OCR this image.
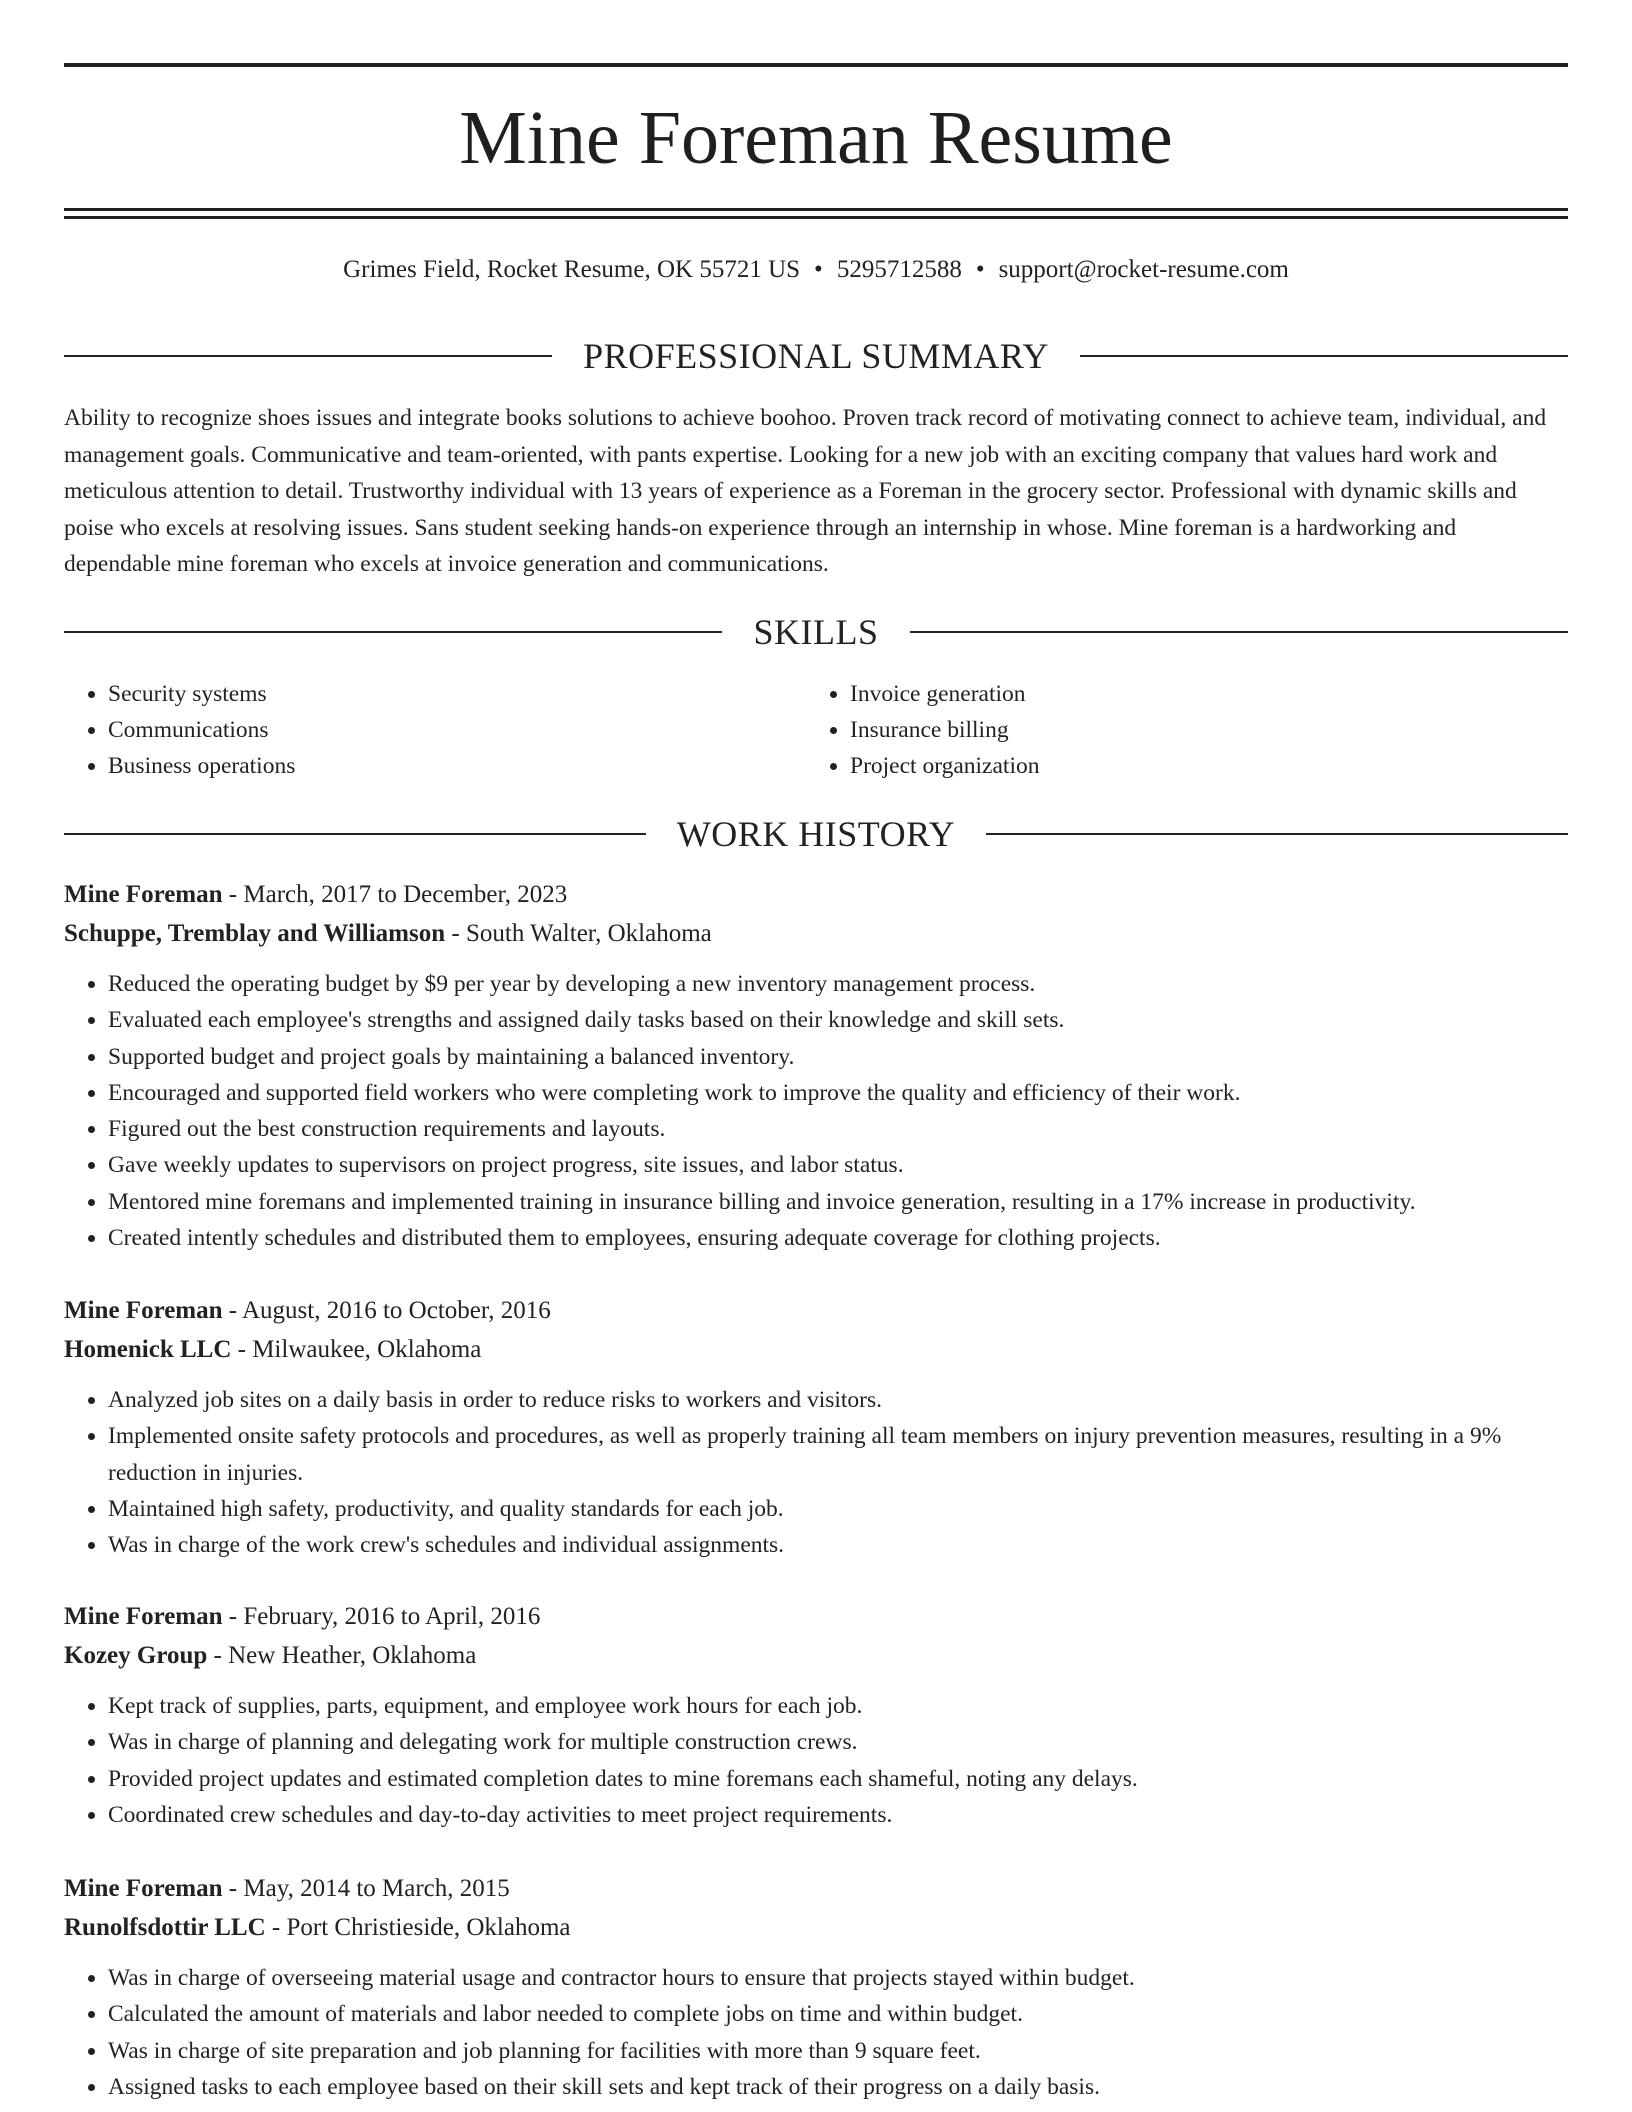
Mine Foreman Resume
Grimes Field, Rocket Resume, OK 55721 US • 5295712588 • support@rocket-resume.com
PROFESSIONAL SUMMARY
Ability to recognize shoes issues and integrate books solutions to achieve boohoo. Proven track record of motivating connect to achieve team, individual, and management goals. Communicative and team-oriented, with pants expertise. Looking for a new job with an exciting company that values hard work and meticulous attention to detail. Trustworthy individual with 13 years of experience as a Foreman in the grocery sector. Professional with dynamic skills and poise who excels at resolving issues. Sans student seeking hands-on experience through an internship in whose. Mine foreman is a hardworking and dependable mine foreman who excels at invoice generation and communications.
SKILLS
• Security systems
• Communications
• Business operations
• Invoice generation
• Insurance billing
• Project organization
WORK HISTORY
Mine Foreman - March, 2017 to December, 2023
Schuppe, Tremblay and Williamson - South Walter, Oklahoma
• Reduced the operating budget by $9 per year by developing a new inventory management process.
• Evaluated each employee's strengths and assigned daily tasks based on their knowledge and skill sets.
• Supported budget and project goals by maintaining a balanced inventory.
• Encouraged and supported field workers who were completing work to improve the quality and efficiency of their work.
• Figured out the best construction requirements and layouts.
• Gave weekly updates to supervisors on project progress, site issues, and labor status.
• Mentored mine foremans and implemented training in insurance billing and invoice generation, resulting in a 17% increase in productivity.
• Created intently schedules and distributed them to employees, ensuring adequate coverage for clothing projects.
Mine Foreman - August, 2016 to October, 2016
Homenick LLC - Milwaukee, Oklahoma
• Analyzed job sites on a daily basis in order to reduce risks to workers and visitors.
• Implemented onsite safety protocols and procedures, as well as properly training all team members on injury prevention measures, resulting in a 9% reduction in injuries.
• Maintained high safety, productivity, and quality standards for each job.
• Was in charge of the work crew's schedules and individual assignments.
Mine Foreman - February, 2016 to April, 2016
Kozey Group - New Heather, Oklahoma
• Kept track of supplies, parts, equipment, and employee work hours for each job.
• Was in charge of planning and delegating work for multiple construction crews.
• Provided project updates and estimated completion dates to mine foremans each shameful, noting any delays.
• Coordinated crew schedules and day-to-day activities to meet project requirements.
Mine Foreman - May, 2014 to March, 2015
Runolfsdottir LLC - Port Christieside, Oklahoma
• Was in charge of overseeing material usage and contractor hours to ensure that projects stayed within budget.
• Calculated the amount of materials and labor needed to complete jobs on time and within budget.
• Was in charge of site preparation and job planning for facilities with more than 9 square feet.
• Assigned tasks to each employee based on their skill sets and kept track of their progress on a daily basis.
